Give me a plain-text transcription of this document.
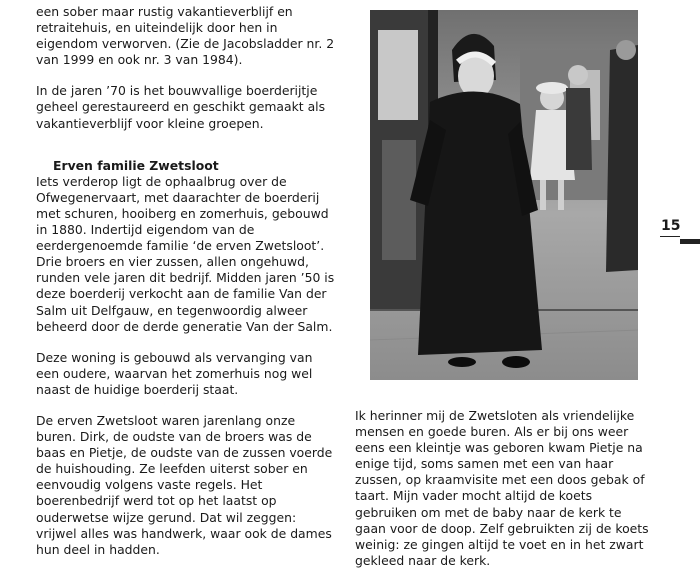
een sober maar rustig vakantieverblijf en retraitehuis, en uiteindelijk door hen in eigendom verworven. (Zie de Jacobsladder nr. 2 van 1999 en ook nr. 3 van 1984).

In de jaren ’70 is het bouwvallige boerderijtje geheel gerestaureerd en geschikt gemaakt als vakantieverblijf voor kleine groepen.

Erven familie Zwetsloot
Iets verderop ligt de ophaalbrug over de Ofwegenervaart, met daarachter de boerderij met schuren, hooiberg en zomerhuis, gebouwd in 1880. Indertijd eigendom van de eerdergenoemde familie ‘de erven Zwetsloot’. Drie broers en vier zussen, allen ongehuwd, runden vele jaren dit bedrijf. Midden jaren ’50 is deze boerderij verkocht aan de familie Van der Salm uit Delfgauw, en tegenwoordig alweer beheerd door de derde generatie Van der Salm.

Deze woning is gebouwd als vervanging van een oudere, waarvan het zomerhuis nog wel naast de huidige boerderij staat.

De erven Zwetsloot waren jarenlang onze buren. Dirk, de oudste van de broers was de baas en Pietje, de oudste van de zussen voerde de huishouding. Ze leefden uiterst sober en eenvoudig volgens vaste regels. Het boerenbedrijf werd tot op het laatst op ouderwetse wijze gerund. Dat wil zeggen: vrijwel alles was handwerk, waar ook de dames hun deel in hadden.

15

Ik herinner mij de Zwetsloten als vriendelijke mensen en goede buren. Als er bij ons weer eens een kleintje was geboren kwam Pietje na enige tijd, soms samen met een van haar zussen, op kraamvisite met een doos gebak of taart. Mijn vader mocht altijd de koets gebruiken om met de baby naar de kerk te gaan voor de doop. Zelf gebruikten zij de koets weinig: ze gingen altijd te voet en in het zwart gekleed naar de kerk.
